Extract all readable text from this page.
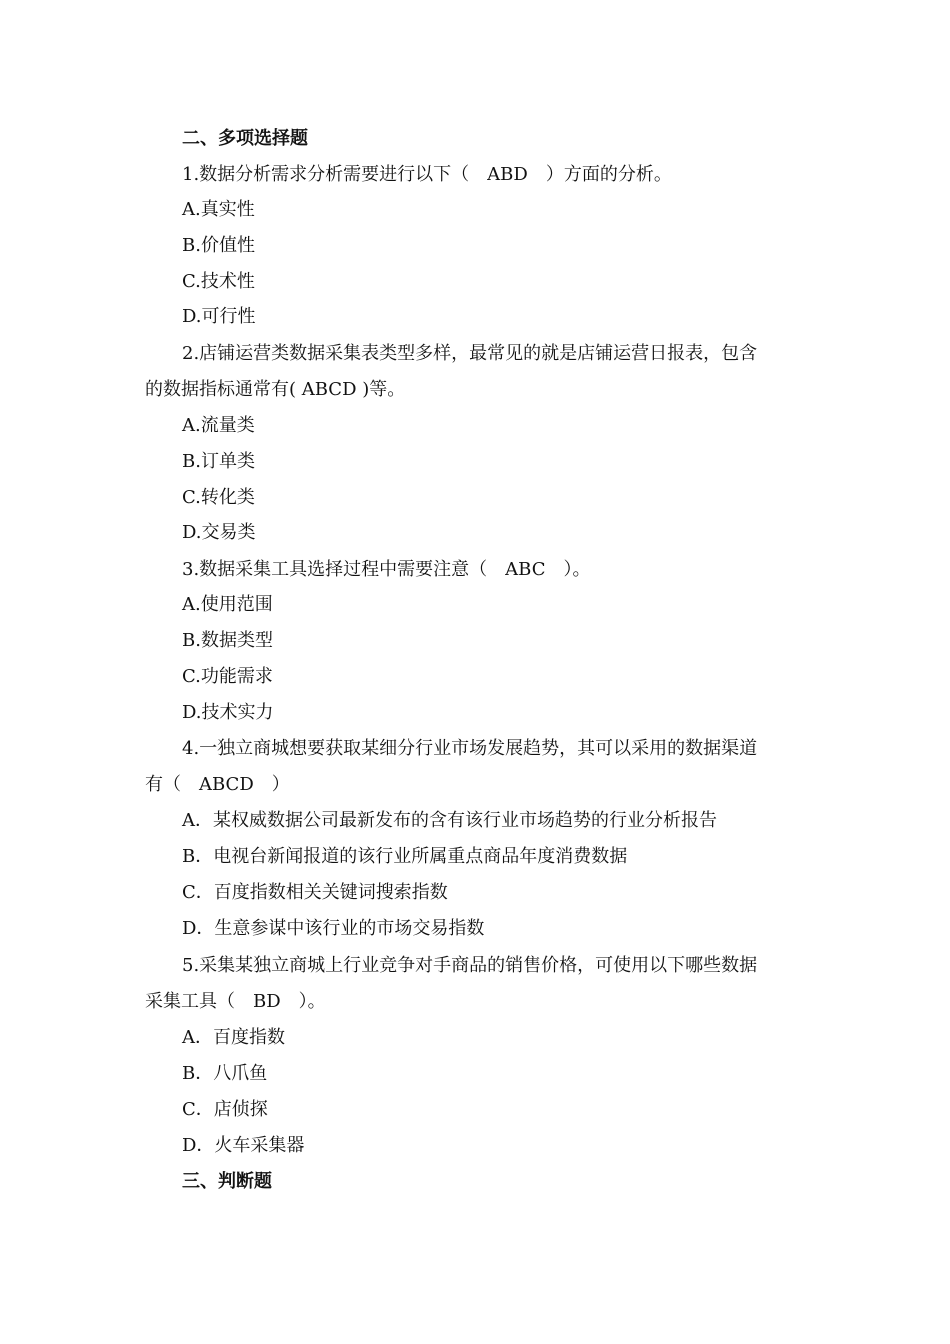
二、多项选择题
1.数据分析需求分析需要进行以下（　ABD　）方面的分析。
A.真实性
B.价值性
C.技术性
D.可行性
2.店铺运营类数据采集表类型多样，最常见的就是店铺运营日报表，包含
的数据指标通常有( ABCD )等。
A.流量类
B.订单类
C.转化类
D.交易类
3.数据采集工具选择过程中需要注意（　ABC　）。
A.使用范围
B.数据类型
C.功能需求
D.技术实力
4.一独立商城想要获取某细分行业市场发展趋势，其可以采用的数据渠道
有（　ABCD　）
A．某权威数据公司最新发布的含有该行业市场趋势的行业分析报告
B．电视台新闻报道的该行业所属重点商品年度消费数据
C．百度指数相关关键词搜索指数
D．生意参谋中该行业的市场交易指数
5.采集某独立商城上行业竞争对手商品的销售价格，可使用以下哪些数据
采集工具（　BD　）。
A．百度指数
B．八爪鱼
C．店侦探
D．火车采集器
三、判断题
